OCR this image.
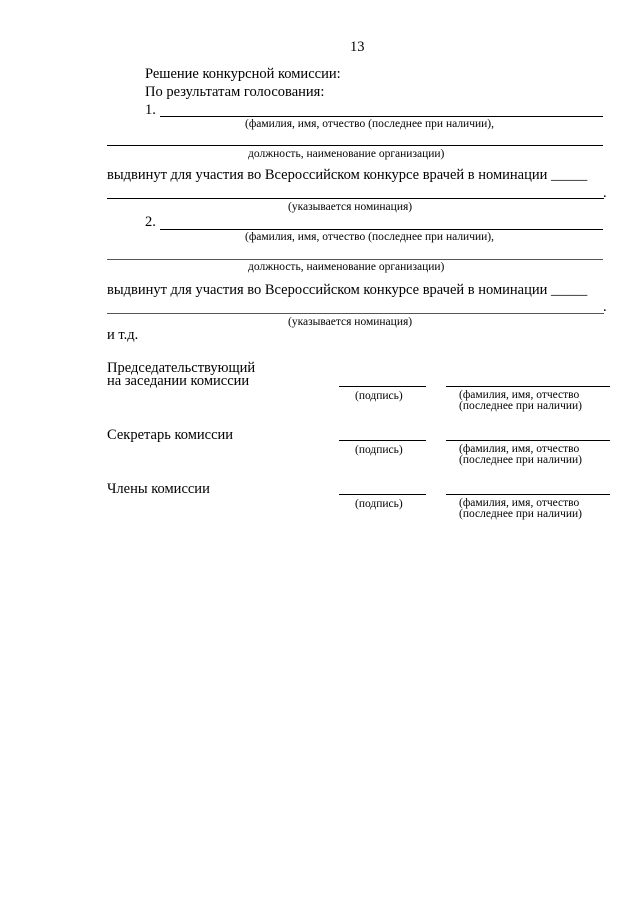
13
Решение конкурсной комиссии:
По результатам голосования:
1.
(фамилия, имя, отчество (последнее при наличии),
должность, наименование организации)
выдвинут для участия во Всероссийском конкурсе врачей в номинации _____
.
(указывается номинация)
2.
(фамилия, имя, отчество (последнее при наличии),
должность, наименование организации)
выдвинут для участия во Всероссийском конкурсе врачей в номинации _____
.
(указывается номинация)
и т.д.
Председательствующий
на заседании комиссии
(подпись)	(фамилия, имя, отчество
(последнее при наличии)
Секретарь комиссии
(подпись)	(фамилия, имя, отчество
(последнее при наличии)
Члены комиссии
(подпись)	(фамилия, имя, отчество
(последнее при наличии)
